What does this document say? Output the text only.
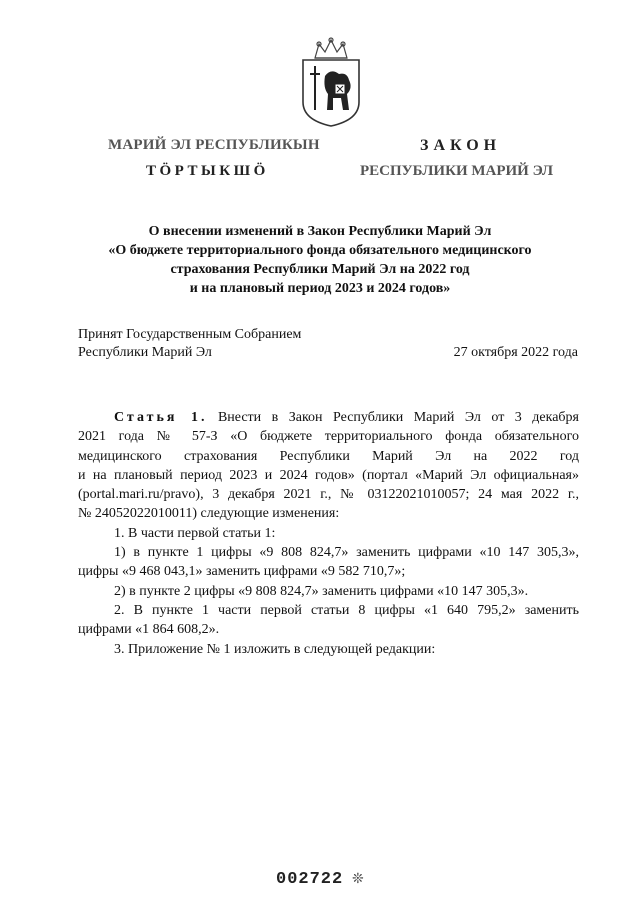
МАРИЙ ЭЛ РЕСПУБЛИКЫН
ТӦРТЫКШӦ
ЗАКОН
РЕСПУБЛИКИ МАРИЙ ЭЛ
О внесении изменений в Закон Республики Марий Эл
«О бюджете территориального фонда обязательного медицинского
страхования Республики Марий Эл на 2022 год
и на плановый период 2023 и 2024 годов»
Принят Государственным Собранием
Республики Марий Эл	27 октября 2022 года
Статья 1. Внести в Закон Республики Марий Эл от 3 декабря
2021 года № 57-З «О бюджете территориального фонда обязательного
медицинского страхования Республики Марий Эл на 2022 год
и на плановый период 2023 и 2024 годов» (портал «Марий Эл официальная»
(portal.mari.ru/pravo), 3 декабря 2021 г., № 03122021010057; 24 мая 2022 г.,
№ 24052022010011) следующие изменения:
1. В части первой статьи 1:
1) в пункте 1 цифры «9 808 824,7» заменить цифрами «10 147 305,3»,
цифры «9 468 043,1» заменить цифрами «9 582 710,7»;
2) в пункте 2 цифры «9 808 824,7» заменить цифрами «10 147 305,3».
2. В пункте 1 части первой статьи 8 цифры «1 640 795,2» заменить
цифрами «1 864 608,2».
3. Приложение № 1 изложить в следующей редакции:
002722 ❊
